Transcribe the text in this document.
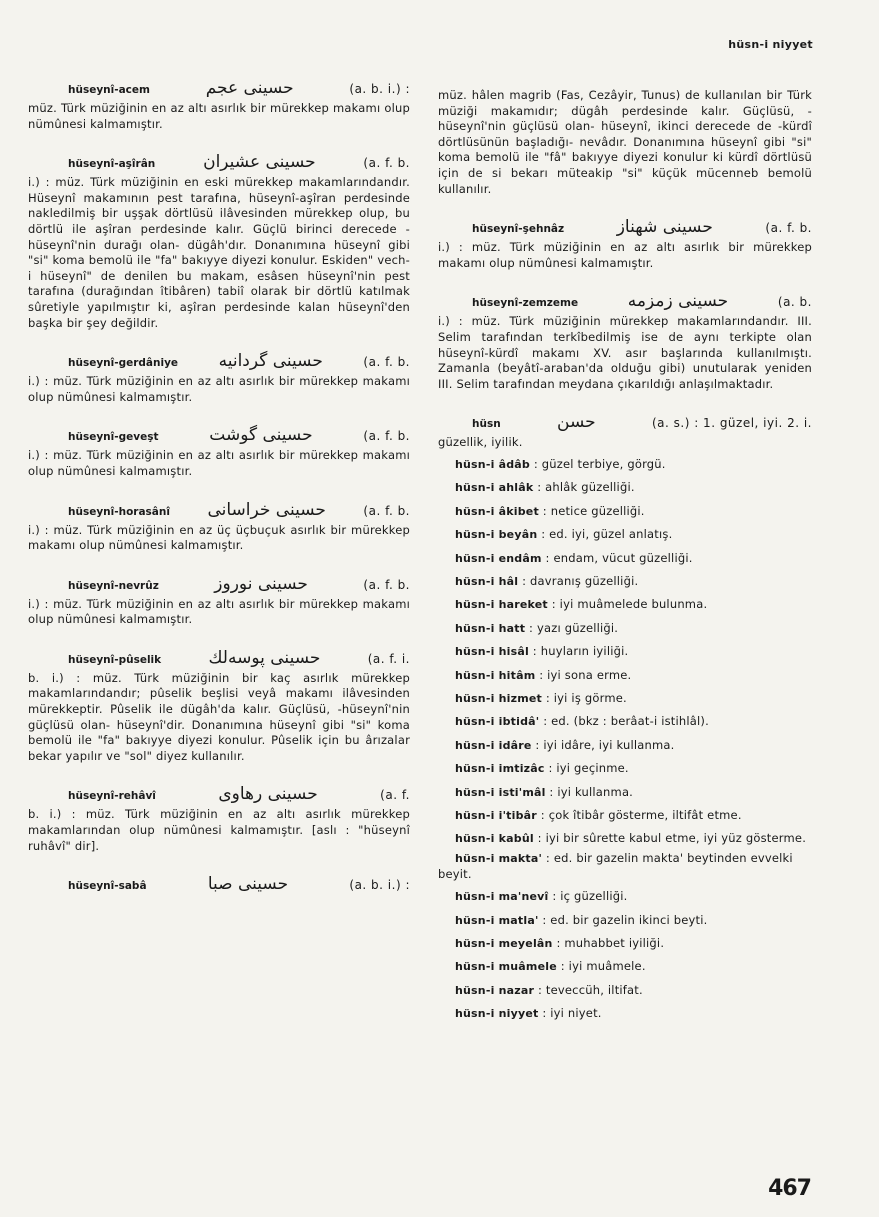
hüsn-i niyyet
hüseynî-acem	حسینی عجم	(a. b. i.) :
müz. Türk müziğinin en az altı asırlık bir mürekkep makamı olup nümûnesi kalmamıştır.
hüseynî-aşîrân	حسینی عشیران	(a. f. b.
i.) : müz. Türk müziğinin en eski mürekkep makamlarındandır. Hüseynî makamının pest tarafına, hüseynî-aşîran perdesinde nakledilmiş bir uşşak dörtlüsü ilâvesinden mürekkep olup, bu dörtlü ile aşîran perdesinde kalır. Güçlü birinci derecede -hüseynî'nin durağı olan- dügâh'dır. Donanımına hüseynî gibi "si" koma bemolü ile "fa" bakıyye diyezi konulur. Eskiden" vech-i hüseynî" de denilen bu makam, esâsen hüseynî'nin pest tarafına (durağından îtibâren) tabiî olarak bir dörtlü katılmak sûretiyle yapılmıştır ki, aşîran perdesinde kalan hüseynî'den başka bir şey değildir.
hüseynî-gerdâniye	حسینی گردانیه	(a. f. b.
i.) : müz. Türk müziğinin en az altı asırlık bir mürekkep makamı olup nümûnesi kalmamıştır.
hüseynî-geveşt	حسینی گوشت	(a. f. b.
i.) : müz. Türk müziğinin en az altı asırlık bir mürekkep makamı olup nümûnesi kalmamıştır.
hüseynî-horasânî	حسینی خراسانی	(a. f. b.
i.) : müz. Türk müziğinin en az üç üçbuçuk asırlık bir mürekkep makamı olup nümûnesi kalmamıştır.
hüseynî-nevrûz	حسینی نوروز	(a. f. b.
i.) : müz. Türk müziğinin en az altı asırlık bir mürekkep makamı olup nümûnesi kalmamıştır.
hüseynî-pûselik	حسینی پوسه‌لك	(a. f. i.
b. i.) : müz. Türk müziğinin bir kaç asırlık mürekkep makamlarındandır; pûselik beşlisi veyâ makamı ilâvesinden mürekkeptir. Pûselik ile dügâh'da kalır. Güçlüsü, -hüseynî'nin güçlüsü olan- hüseynî'dir. Donanımına hüseynî gibi "si" koma bemolü ile "fa" bakıyye diyezi konulur. Pûselik için bu ârızalar bekar yapılır ve "sol" diyez kullanılır.
hüseynî-rehâvî	حسینی رهاوی	(a. f.
b. i.) : müz. Türk müziğinin en az altı asırlık mürekkep makamlarından olup nümûnesi kalmamıştır. [aslı : "hüseynî ruhâvî" dir].
hüseynî-sabâ	حسینی صبا	(a. b. i.) :
müz. hâlen magrib (Fas, Cezâyir, Tunus) de kullanılan bir Türk müziği makamıdır; dügâh perdesinde kalır. Güçlüsü, -hüseynî'nin güçlüsü olan- hüseynî, ikinci derecede de -kürdî dörtlüsünün başladığı- nevâdır. Donanımına hüseynî gibi "si" koma bemolü ile "fâ" bakıyye diyezi konulur ki kürdî dörtlüsü için de si bekarı müteakip "si" küçük mücenneb bemolü kullanılır.
hüseynî-şehnâz	حسینی شهناز	(a. f. b.
i.) : müz. Türk müziğinin en az altı asırlık bir mürekkep makamı olup nümûnesi kalmamıştır.
hüseynî-zemzeme	حسینی زمزمه	(a. b.
i.) : müz. Türk müziğinin mürekkep makamlarındandır. III. Selim tarafından terkîbedilmiş ise de aynı terkipte olan hüseynî-kürdî makamı XV. asır başlarında kullanılmıştı. Zamanla (beyâtî-araban'da olduğu gibi) unutularak yeniden III. Selim tarafından meydana çıkarıldığı anlaşılmaktadır.
hüsn	حسن	(a. s.) : 1. güzel, iyi. 2. i.
güzellik, iyilik.
hüsn-i âdâb : güzel terbiye, görgü.
hüsn-i ahlâk : ahlâk güzelliği.
hüsn-i âkibet : netice güzelliği.
hüsn-i beyân : ed. iyi, güzel anlatış.
hüsn-i endâm : endam, vücut güzelliği.
hüsn-i hâl : davranış güzelliği.
hüsn-i hareket : iyi muâmelede bulunma.
hüsn-i hatt : yazı güzelliği.
hüsn-i hisâl : huyların iyiliği.
hüsn-i hitâm : iyi sona erme.
hüsn-i hizmet : iyi iş görme.
hüsn-i ibtidâ' : ed. (bkz : berâat-i istihlâl).
hüsn-i idâre : iyi idâre, iyi kullanma.
hüsn-i imtizâc : iyi geçinme.
hüsn-i isti'mâl : iyi kullanma.
hüsn-i i'tibâr : çok îtibâr gösterme, iltifât etme.
hüsn-i kabûl : iyi bir sûrette kabul etme, iyi yüz gösterme.
hüsn-i makta' : ed. bir gazelin makta' beytinden evvelki beyit.
hüsn-i ma'nevî : iç güzelliği.
hüsn-i matla' : ed. bir gazelin ikinci beyti.
hüsn-i meyelân : muhabbet iyiliği.
hüsn-i muâmele : iyi muâmele.
hüsn-i nazar : teveccüh, iltifat.
hüsn-i niyyet : iyi niyet.
467
